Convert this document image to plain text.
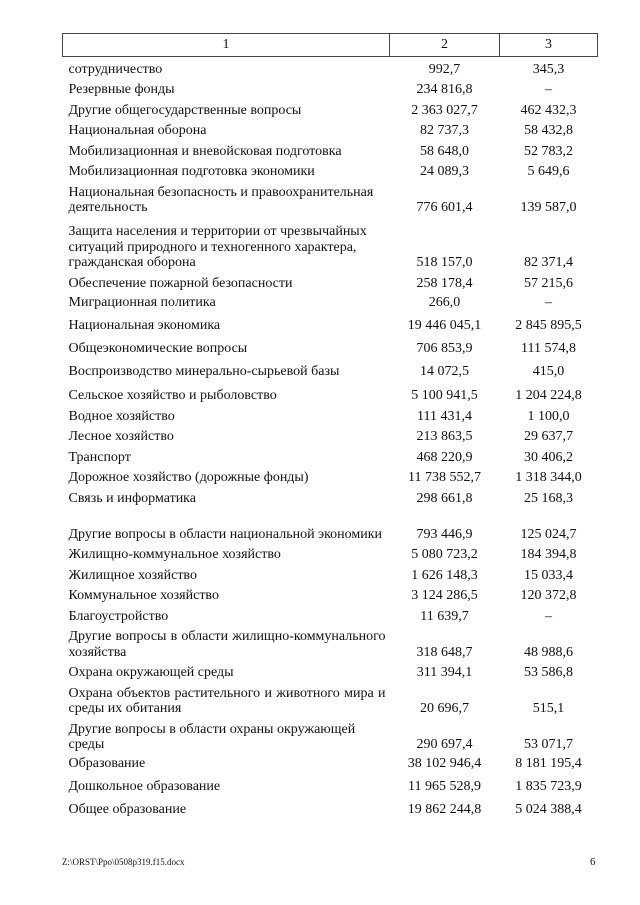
1	2	3
сотрудничество	992,7	345,3
Резервные фонды	234 816,8	–
Другие общегосударственные вопросы	2 363 027,7	462 432,3
Национальная оборона	82 737,3	58 432,8
Мобилизационная и вневойсковая подготовка	58 648,0	52 783,2
Мобилизационная подготовка экономики	24 089,3	5 649,6
Национальная безопасность и правоохранительная деятельность	776 601,4	139 587,0
Защита населения и территории от чрезвычайных ситуаций природного и техногенного характера, гражданская оборона	518 157,0	82 371,4
Обеспечение пожарной безопасности	258 178,4	57 215,6
Миграционная политика	266,0	–
Национальная экономика	19 446 045,1	2 845 895,5
Общеэкономические вопросы	706 853,9	111 574,8
Воспроизводство минерально-сырьевой базы	14 072,5	415,0
Сельское хозяйство и рыболовство	5 100 941,5	1 204 224,8
Водное хозяйство	111 431,4	1 100,0
Лесное хозяйство	213 863,5	29 637,7
Транспорт	468 220,9	30 406,2
Дорожное хозяйство (дорожные фонды)	11 738 552,7	1 318 344,0
Связь и информатика	298 661,8	25 168,3
Другие вопросы в области национальной экономики	793 446,9	125 024,7
Жилищно-коммунальное хозяйство	5 080 723,2	184 394,8
Жилищное хозяйство	1 626 148,3	15 033,4
Коммунальное хозяйство	3 124 286,5	120 372,8
Благоустройство	11 639,7	–
Другие вопросы в области жилищно-коммунального хозяйства	318 648,7	48 988,6
Охрана окружающей среды	311 394,1	53 586,8
Охрана объектов растительного и животного мира и среды их обитания	20 696,7	515,1
Другие вопросы в области охраны окружающей среды	290 697,4	53 071,7
Образование	38 102 946,4	8 181 195,4
Дошкольное образование	11 965 528,9	1 835 723,9
Общее образование	19 862 244,8	5 024 388,4
Z:\ORST\Ppo\0508p319.f15.docx	6
